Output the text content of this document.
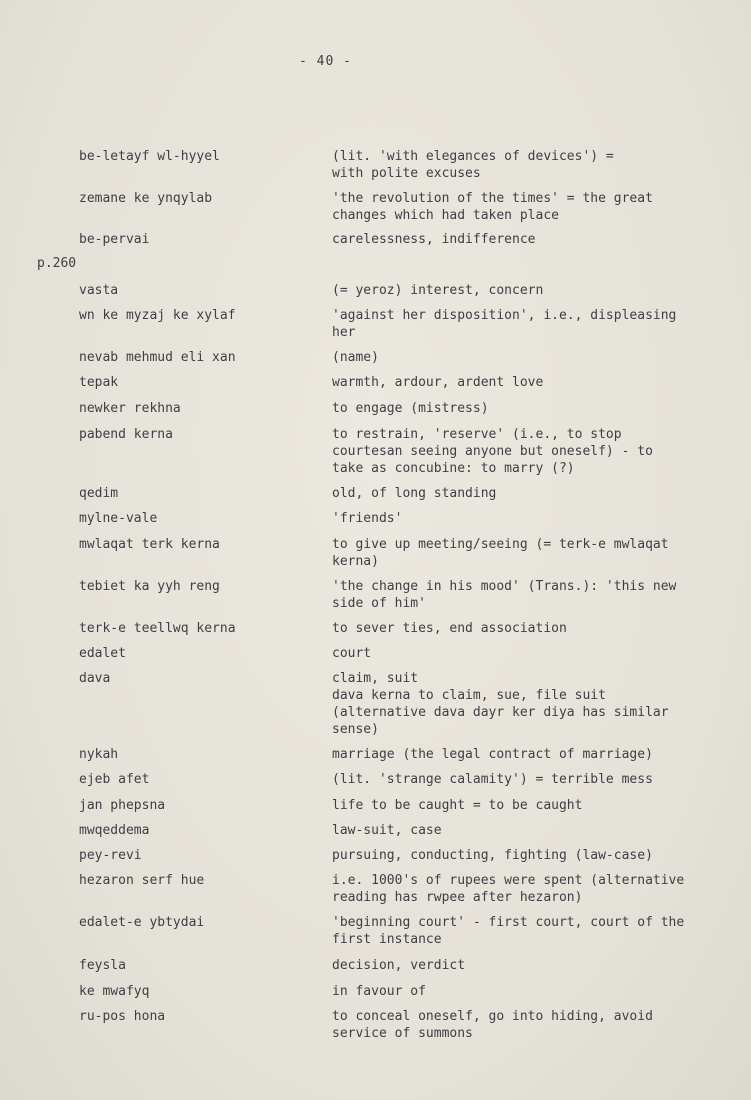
- 40 -
p.260
be-letayf wl-hyyel	(lit. 'with elegances of devices') =
with polite excuses
zemane ke ynqylab	'the revolution of the times' = the great
changes which had taken place
be-pervai	carelessness, indifference
vasta	(= yeroz) interest, concern
wn ke myzaj ke xylaf	'against her disposition', i.e., displeasing
her
nevab mehmud eli xan	(name)
tepak	warmth, ardour, ardent love
newker rekhna	to engage (mistress)
pabend kerna	to restrain, 'reserve' (i.e., to stop
courtesan seeing anyone but oneself) - to
take as concubine: to marry (?)
qedim	old, of long standing
mylne-vale	'friends'
mwlaqat terk kerna	to give up meeting/seeing (= terk-e mwlaqat
kerna)
tebiet ka yyh reng	'the change in his mood' (Trans.): 'this new
side of him'
terk-e teellwq kerna	to sever ties, end association
edalet	court
dava	claim, suit
dava kerna to claim, sue, file suit
(alternative dava dayr ker diya has similar
sense)
nykah	marriage (the legal contract of marriage)
ejeb afet	(lit. 'strange calamity') = terrible mess
jan phepsna	life to be caught = to be caught
mwqeddema	law-suit, case
pey-revi	pursuing, conducting, fighting (law-case)
hezaron serf hue	i.e. 1000's of rupees were spent (alternative
reading has rwpee after hezaron)
edalet-e ybtydai	'beginning court' - first court, court of the
first instance
feysla	decision, verdict
ke mwafyq	in favour of
ru-pos hona	to conceal oneself, go into hiding, avoid
service of summons
